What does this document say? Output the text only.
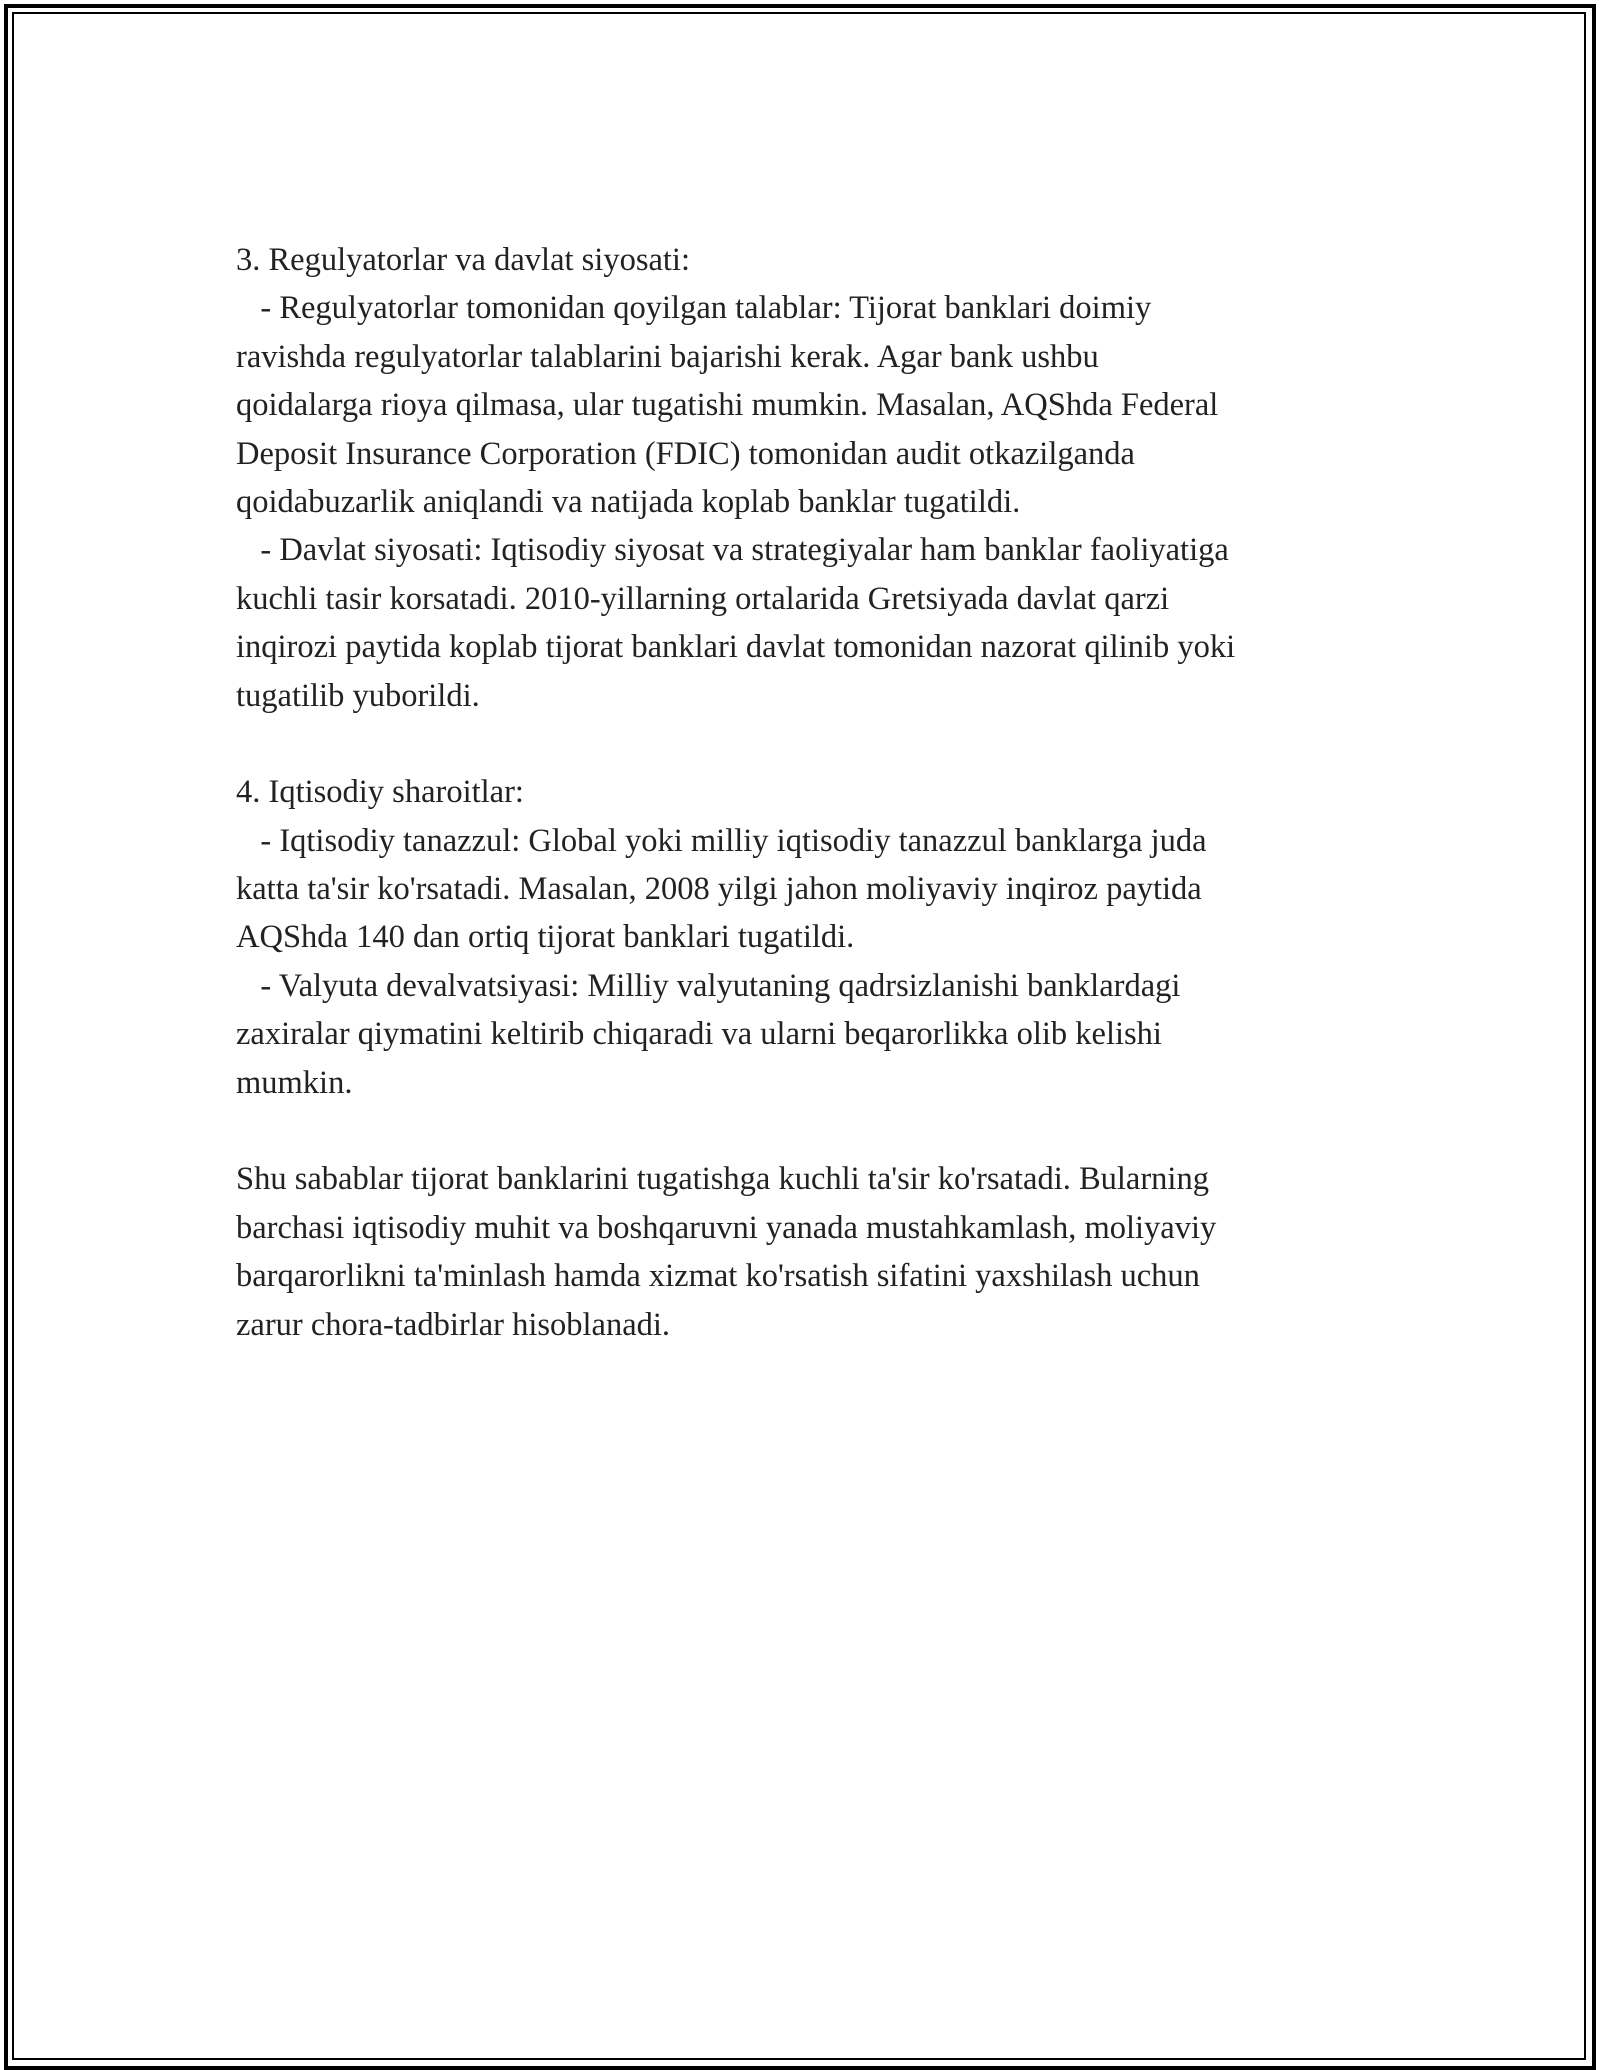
3. Regulyatorlar va davlat siyosati:
- Regulyatorlar tomonidan qoyilgan talablar: Tijorat banklari doimiy
ravishda regulyatorlar talablarini bajarishi kerak. Agar bank ushbu
qoidalarga rioya qilmasa, ular tugatishi mumkin. Masalan, AQShda Federal
Deposit Insurance Corporation (FDIC) tomonidan audit otkazilganda
qoidabuzarlik aniqlandi va natijada koplab banklar tugatildi.
- Davlat siyosati: Iqtisodiy siyosat va strategiyalar ham banklar faoliyatiga
kuchli tasir korsatadi. 2010-yillarning ortalarida Gretsiyada davlat qarzi
inqirozi paytida koplab tijorat banklari davlat tomonidan nazorat qilinib yoki
tugatilib yuborildi.
4. Iqtisodiy sharoitlar:
- Iqtisodiy tanazzul: Global yoki milliy iqtisodiy tanazzul banklarga juda
katta ta'sir ko'rsatadi. Masalan, 2008 yilgi jahon moliyaviy inqiroz paytida
AQShda 140 dan ortiq tijorat banklari tugatildi.
- Valyuta devalvatsiyasi: Milliy valyutaning qadrsizlanishi banklardagi
zaxiralar qiymatini keltirib chiqaradi va ularni beqarorlikka olib kelishi
mumkin.
Shu sabablar tijorat banklarini tugatishga kuchli ta'sir ko'rsatadi. Bularning
barchasi iqtisodiy muhit va boshqaruvni yanada mustahkamlash, moliyaviy
barqarorlikni ta'minlash hamda xizmat ko'rsatish sifatini yaxshilash uchun
zarur chora-tadbirlar hisoblanadi.
